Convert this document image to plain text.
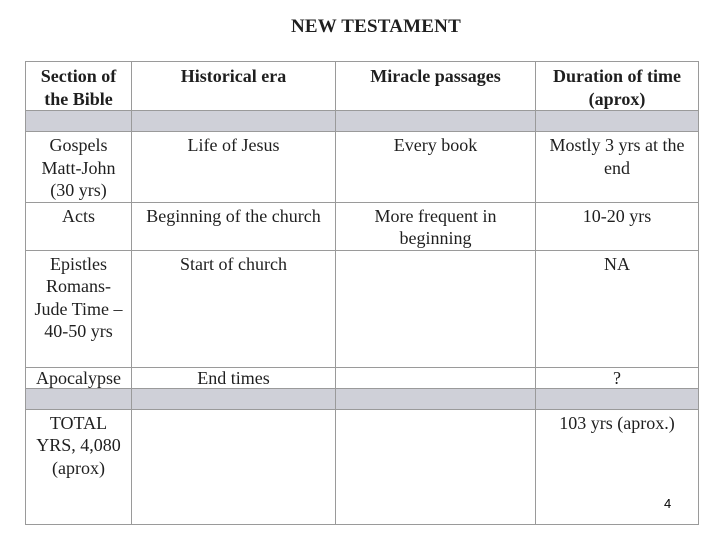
NEW TESTAMENT
Section of the Bible	Historical era	Miracle passages	Duration of time (aprox)

Gospels Matt-John (30 yrs)	Life of Jesus	Every book	Mostly 3 yrs at the end
Acts	Beginning of the church	More frequent in beginning	10-20 yrs
Epistles Romans-Jude Time –40-50 yrs	Start of church		NA
Apocalypse	End times		?

TOTAL YRS, 4,080 (aprox)			103 yrs (aprox.)
4
